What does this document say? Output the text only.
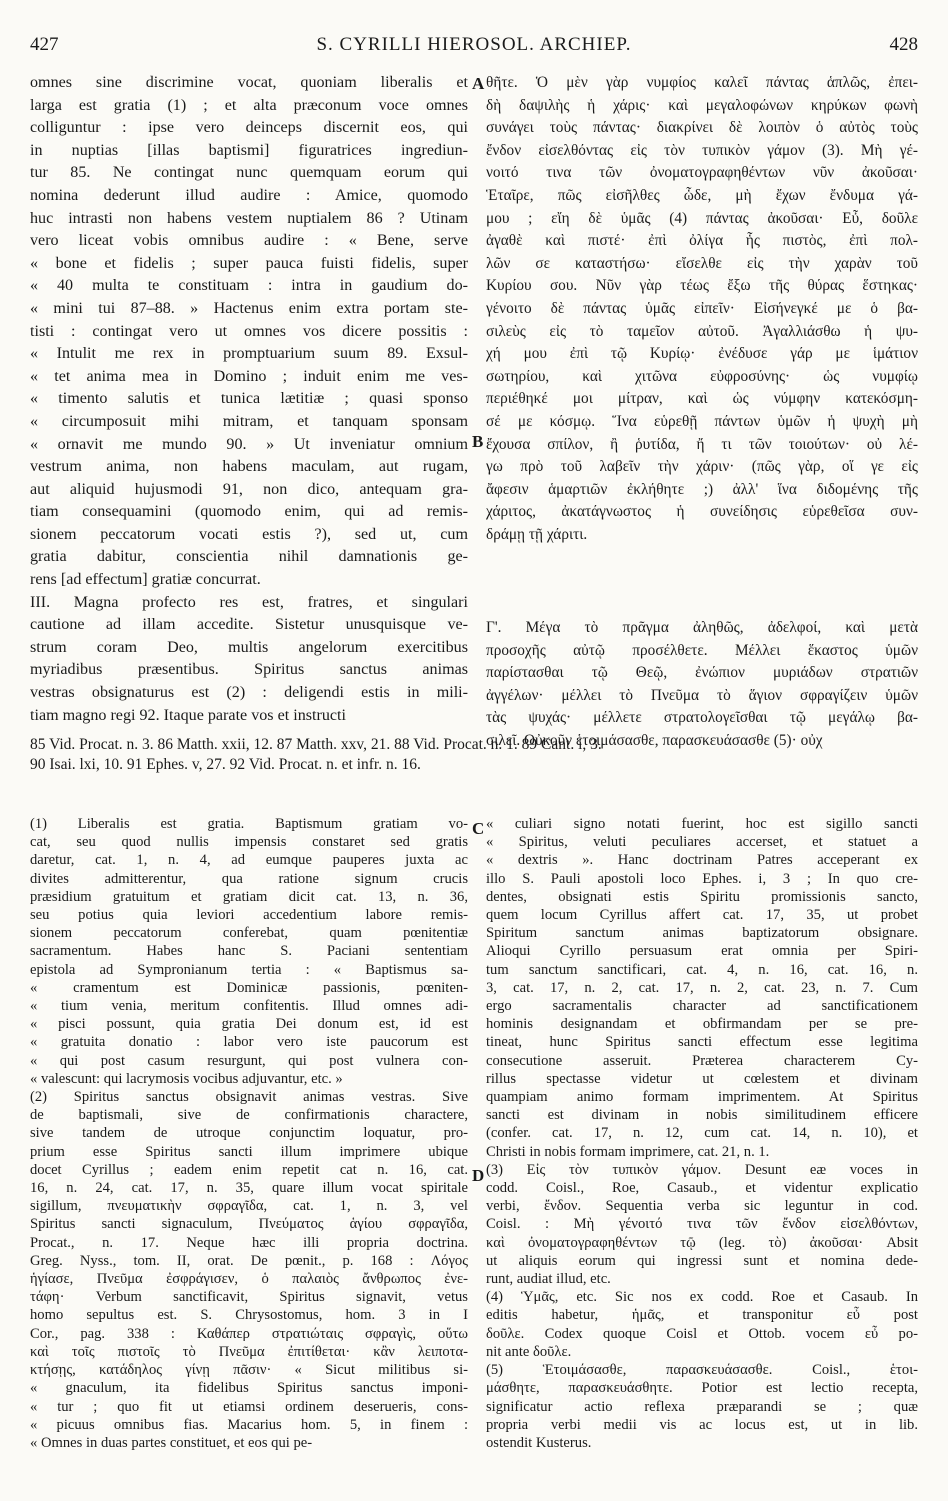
427	S. CYRILLI HIEROSOL. ARCHIEP.	428
A
B
C
D
omnes sine discrimine vocat, quoniam liberalis et
larga est gratia (1) ; et alta præconum voce omnes
colliguntur : ipse vero deinceps discernit eos, qui
in nuptias [illas baptismi] figuratrices ingrediun-
tur 85. Ne contingat nunc quemquam eorum qui
nomina dederunt illud audire : Amice, quomodo
huc intrasti non habens vestem nuptialem 86 ? Utinam
vero liceat vobis omnibus audire : « Bene, serve
« bone et fidelis ; super pauca fuisti fidelis, super
« 40 multa te constituam : intra in gaudium do-
« mini tui 87–88. » Hactenus enim extra portam ste-
tisti : contingat vero ut omnes vos dicere possitis :
« Intulit me rex in promptuarium suum 89. Exsul-
« tet anima mea in Domino ; induit enim me ves-
« timento salutis et tunica lætitiæ ; quasi sponso
« circumposuit mihi mitram, et tanquam sponsam
« ornavit me mundo 90. » Ut inveniatur omnium
vestrum anima, non habens maculam, aut rugam,
aut aliquid hujusmodi 91, non dico, antequam gra-
tiam consequamini (quomodo enim, qui ad remis-
sionem peccatorum vocati estis ?), sed ut, cum
gratia dabitur, conscientia nihil damnationis ge-
rens [ad effectum] gratiæ concurrat.
III. Magna profecto res est, fratres, et singulari
cautione ad illam accedite. Sistetur unusquisque ve-
strum coram Deo, multis angelorum exercitibus
myriadibus præsentibus. Spiritus sanctus animas
vestras obsignaturus est (2) : deligendi estis in mili-
tiam magno regi 92. Itaque parate vos et instructi
θῆτε. Ὁ μὲν γὰρ νυμφίος καλεῖ πάντας ἁπλῶς, ἐπει-
δὴ δαψιλὴς ἡ χάρις· καὶ μεγαλοφώνων κηρύκων φωνὴ
συνάγει τοὺς πάντας· διακρίνει δὲ λοιπὸν ὁ αὐτὸς τοὺς
ἔνδον εἰσελθόντας εἰς τὸν τυπικὸν γάμον (3). Μὴ γέ-
νοιτό τινα τῶν ὀνοματογραφηθέντων νῦν ἀκοῦσαι·
Ἑταῖρε, πῶς εἰσῆλθες ὧδε, μὴ ἔχων ἔνδυμα γά-
μου ; εἴη δὲ ὑμᾶς (4) πάντας ἀκοῦσαι· Εὖ, δοῦλε
ἀγαθὲ καὶ πιστέ· ἐπὶ ὀλίγα ἧς πιστὸς, ἐπὶ πολ-
λῶν σε καταστήσω· εἴσελθε εἰς τὴν χαρὰν τοῦ
Κυρίου σου. Νῦν γὰρ τέως ἔξω τῆς θύρας ἕστηκας·
γένοιτο δὲ πάντας ὑμᾶς εἰπεῖν· Εἰσήνεγκέ με ὁ βα-
σιλεὺς εἰς τὸ ταμεῖον αὐτοῦ. Ἀγαλλιάσθω ἡ ψυ-
χή μου ἐπὶ τῷ Κυρίῳ· ἐνέδυσε γάρ με ἱμάτιον
σωτηρίου, καὶ χιτῶνα εὐφροσύνης· ὡς νυμφίῳ
περιέθηκέ μοι μίτραν, καὶ ὡς νύμφην κατεκόσμη-
σέ με κόσμῳ. Ἵνα εὑρεθῇ πάντων ὑμῶν ἡ ψυχὴ μὴ
ἔχουσα σπίλον, ἢ ῥυτίδα, ἤ τι τῶν τοιούτων· οὐ λέ-
γω πρὸ τοῦ λαβεῖν τὴν χάριν· (πῶς γὰρ, οἵ γε εἰς
ἄφεσιν ἁμαρτιῶν ἐκλήθητε ;) ἀλλ' ἵνα διδομένης τῆς
χάριτος, ἀκατάγνωστος ἡ συνείδησις εὑρεθεῖσα συν-
δράμῃ τῇ χάριτι.
Γ'. Μέγα τὸ πρᾶγμα ἀληθῶς, ἀδελφοί, καὶ μετὰ
προσοχῆς αὐτῷ προσέλθετε. Μέλλει ἕκαστος ὑμῶν
παρίστασθαι τῷ Θεῷ, ἐνώπιον μυριάδων στρατιῶν
ἀγγέλων· μέλλει τὸ Πνεῦμα τὸ ἅγιον σφραγίζειν ὑμῶν
τὰς ψυχάς· μέλλετε στρατολογεῖσθαι τῷ μεγάλῳ βα-
σιλεῖ. Οὐκοῦν ἑτοιμάσασθε, παρασκευάσασθε (5)· οὐχ
85 Vid. Procat. n. 3. 86 Matth. xxii, 12. 87 Matth. xxv, 21. 88 Vid. Procat. n. 1. 89 Cant. i, 3.
90 Isai. lxi, 10. 91 Ephes. v, 27. 92 Vid. Procat. n. et infr. n. 16.
(1) Liberalis est gratia. Baptismum gratiam vo-
cat, seu quod nullis impensis constaret sed gratis
daretur, cat. 1, n. 4, ad eumque pauperes juxta ac
divites admitterentur, qua ratione signum crucis
præsidium gratuitum et gratiam dicit cat. 13, n. 36,
seu potius quia leviori accedentium labore remis-
sionem peccatorum conferebat, quam pœnitentiæ
sacramentum. Habes hanc S. Paciani sententiam
epistola ad Sympronianum tertia : « Baptismus sa-
« cramentum est Dominicæ passionis, pœniten-
« tium venia, meritum confitentis. Illud omnes adi-
« pisci possunt, quia gratia Dei donum est, id est
« gratuita donatio : labor vero iste paucorum est
« qui post casum resurgunt, qui post vulnera con-
« valescunt: qui lacrymosis vocibus adjuvantur, etc. »
(2) Spiritus sanctus obsignavit animas vestras. Sive
de baptismali, sive de confirmationis charactere,
sive tandem de utroque conjunctim loquatur, pro-
prium esse Spiritus sancti illum imprimere ubique
docet Cyrillus ; eadem enim repetit cat n. 16, cat.
16, n. 24, cat. 17, n. 35, quare illum vocat spiritale
sigillum, πνευματικὴν σφραγῖδα, cat. 1, n. 3, vel
Spiritus sancti signaculum, Πνεύματος ἁγίου σφραγῖδα,
Procat., n. 17. Neque hæc illi propria doctrina.
Greg. Nyss., tom. II, orat. De pœnit., p. 168 : Λόγος
ἡγίασε, Πνεῦμα ἐσφράγισεν, ὁ παλαιὸς ἄνθρωπος ἐνε-
τάφη· Verbum sanctificavit, Spiritus signavit, vetus
homo sepultus est. S. Chrysostomus, hom. 3 in I
Cor., pag. 338 : Καθάπερ στρατιώταις σφραγὶς, οὕτω
καὶ τοῖς πιστοῖς τὸ Πνεῦμα ἐπιτίθεται· κἂν λειποτα-
κτήσῃς, κατάδηλος γίνῃ πᾶσιν· « Sicut militibus si-
« gnaculum, ita fidelibus Spiritus sanctus imponi-
« tur ; quo fit ut etiamsi ordinem deserueris, cons-
« picuus omnibus fias. Macarius hom. 5, in finem :
« Omnes in duas partes constituet, et eos qui pe-
« culiari signo notati fuerint, hoc est sigillo sancti
« Spiritus, veluti peculiares accerset, et statuet a
« dextris ». Hanc doctrinam Patres acceperant ex
illo S. Pauli apostoli loco Ephes. i, 3 ; In quo cre-
dentes, obsignati estis Spiritu promissionis sancto,
quem locum Cyrillus affert cat. 17, 35, ut probet
Spiritum sanctum animas baptizatorum obsignare.
Alioqui Cyrillo persuasum erat omnia per Spiri-
tum sanctum sanctificari, cat. 4, n. 16, cat. 16, n.
3, cat. 17, n. 2, cat. 17, n. 2, cat. 23, n. 7. Cum
ergo sacramentalis character ad sanctificationem
hominis designandam et obfirmandam per se pre-
tineat, hunc Spiritus sancti effectum esse legitima
consecutione asseruit. Præterea characterem Cy-
rillus spectasse videtur ut cœlestem et divinam
quampiam animo formam imprimentem. At Spiritus
sancti est divinam in nobis similitudinem efficere
(confer. cat. 17, n. 12, cum cat. 14, n. 10), et
Christi in nobis formam imprimere, cat. 21, n. 1.
(3) Εἰς τὸν τυπικὸν γάμον. Desunt eæ voces in
codd. Coisl., Roe, Casaub., et videntur explicatio
verbi, ἔνδον. Sequentia verba sic leguntur in cod.
Coisl. : Μὴ γένοιτό τινα τῶν ἔνδον εἰσελθόντων,
καὶ ὀνοματογραφηθέντων τῷ (leg. τὸ) ἀκοῦσαι· Absit
ut aliquis eorum qui ingressi sunt et nomina dede-
runt, audiat illud, etc.
(4) Ὑμᾶς, etc. Sic nos ex codd. Roe et Casaub. In
editis habetur, ἡμᾶς, et transponitur εὖ post
δοῦλε. Codex quoque Coisl et Ottob. vocem εὖ po-
nit ante δοῦλε.
(5) Ἑτοιμάσασθε, παρασκευάσασθε. Coisl., ἑτοι-
μάσθητε, παρασκευάσθητε. Potior est lectio recepta,
significatur actio reflexa præparandi se ; quæ
propria verbi medii vis ac locus est, ut in lib.
ostendit Kusterus.
